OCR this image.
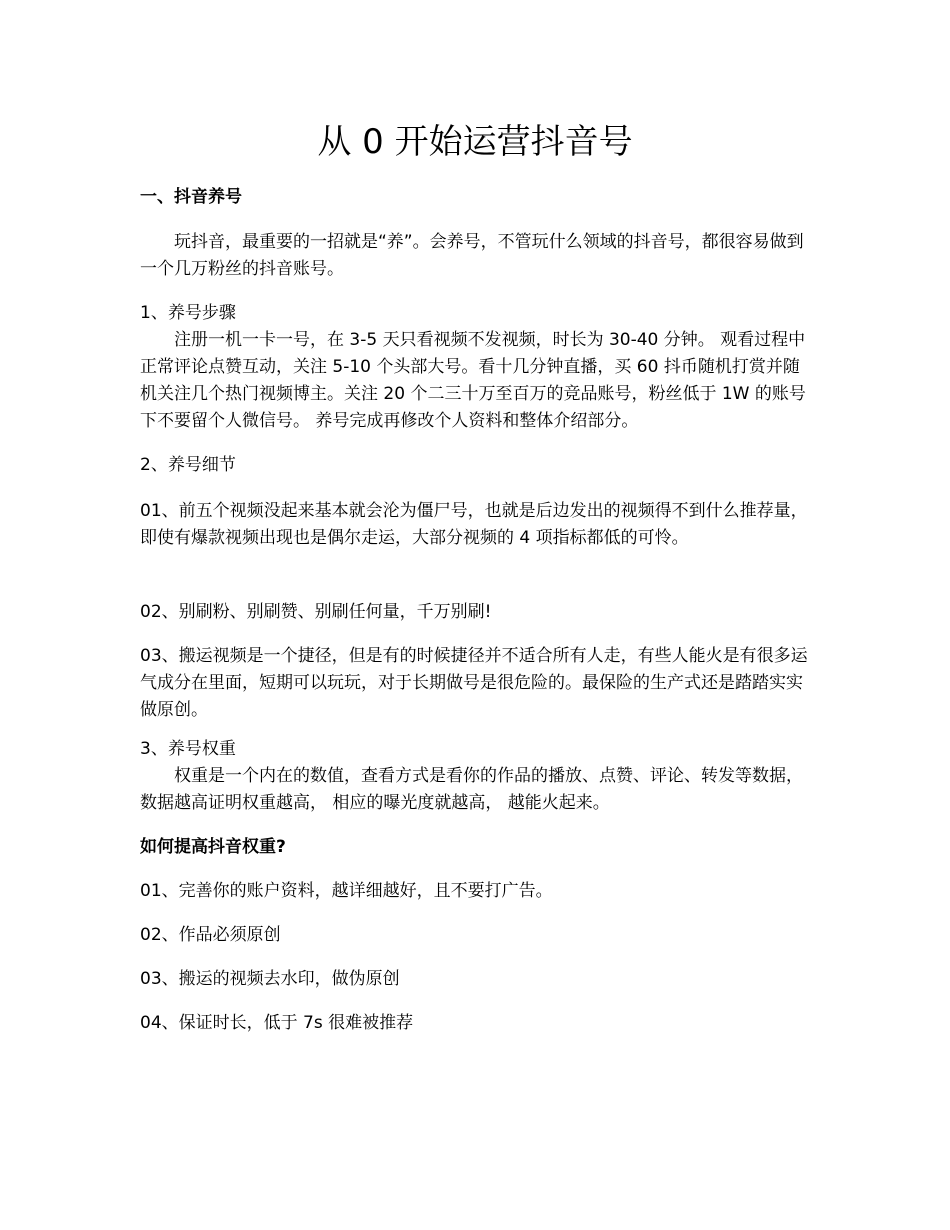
从 0 开始运营抖音号

一、抖音养号

玩抖音，最重要的一招就是“养”。会养号，不管玩什么领域的抖音号，都很容易做到一个几万粉丝的抖音账号。

1、养号步骤

注册一机一卡一号，在 3-5 天只看视频不发视频，时长为 30-40 分钟。 观看过程中正常评论点赞互动，关注 5-10 个头部大号。看十几分钟直播，买 60 抖币随机打赏并随机关注几个热门视频博主。关注 20 个二三十万至百万的竞品账号，粉丝低于 1W 的账号下不要留个人微信号。 养号完成再修改个人资料和整体介绍部分。

2、养号细节

01、前五个视频没起来基本就会沦为僵尸号，也就是后边发出的视频得不到什么推荐量，即使有爆款视频出现也是偶尔走运，大部分视频的 4 项指标都低的可怜。

02、别刷粉、别刷赞、别刷任何量，千万别刷!

03、搬运视频是一个捷径，但是有的时候捷径并不适合所有人走，有些人能火是有很多运气成分在里面，短期可以玩玩，对于长期做号是很危险的。最保险的生产式还是踏踏实实做原创。

3、养号权重

权重是一个内在的数值，查看方式是看你的作品的播放、点赞、评论、转发等数据，数据越高证明权重越高， 相应的曝光度就越高， 越能火起来。

如何提高抖音权重?

01、完善你的账户资料，越详细越好，且不要打广告。

02、作品必须原创

03、搬运的视频去水印，做伪原创

04、保证时长，低于 7s 很难被推荐
